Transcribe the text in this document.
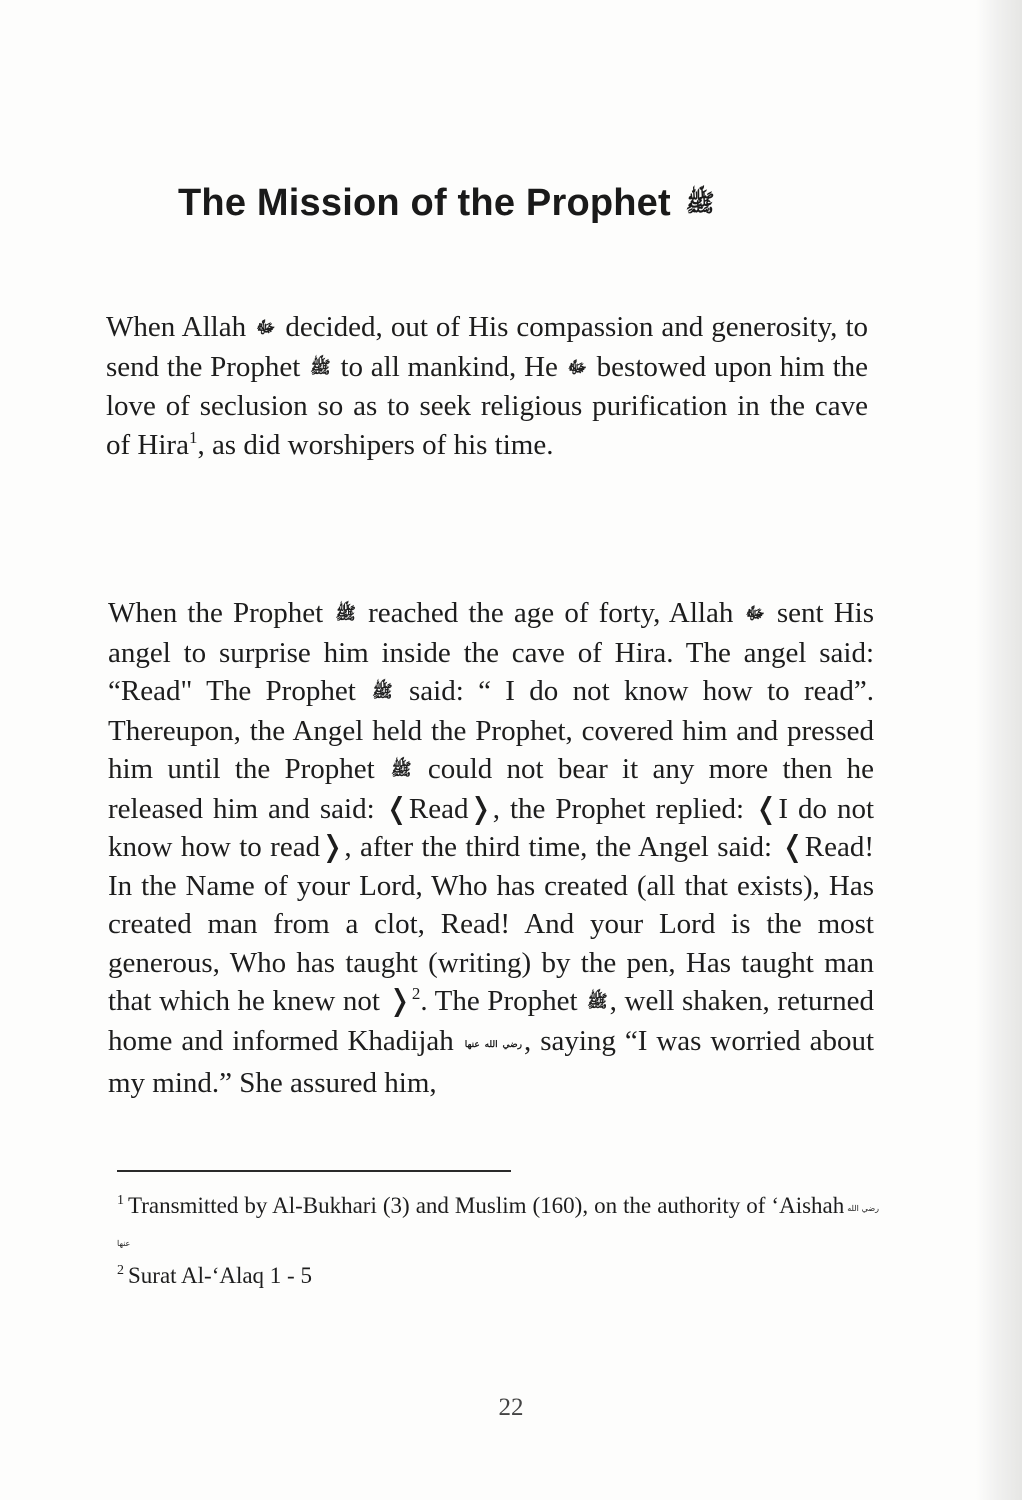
The Mission of the Prophet ﷺ

When Allah ﷻ decided, out of His compassion and generosity, to send the Prophet ﷺ to all mankind, He ﷻ bestowed upon him the love of seclusion so as to seek religious purification in the cave of Hira$^1$, as did worshipers of his time.

When the Prophet ﷺ reached the age of forty, Allah ﷻ sent His angel to surprise him inside the cave of Hira. The angel said: “Read" The Prophet ﷺ said: “ I do not know how to read”. Thereupon, the Angel held the Prophet, covered him and pressed him until the Prophet ﷺ could not bear it any more then he released him and said: ❬Read❭, the Prophet replied: ❬I do not know how to read❭, after the third time, the Angel said: ❬Read! In the Name of your Lord, Who has created (all that exists), Has created man from a clot, Read! And your Lord is the most generous, Who has taught (writing) by the pen, Has taught man that which he knew not ❭$^2$. The Prophet ﷺ, well shaken, returned home and informed Khadijah رضي الله عنها, saying “I was worried about my mind.” She assured him,

$^1$ Transmitted by Al-Bukhari (3) and Muslim (160), on the authority of ‘Aishah رضي الله عنها

$^2$ Surat Al-‘Alaq 1 - 5

22
